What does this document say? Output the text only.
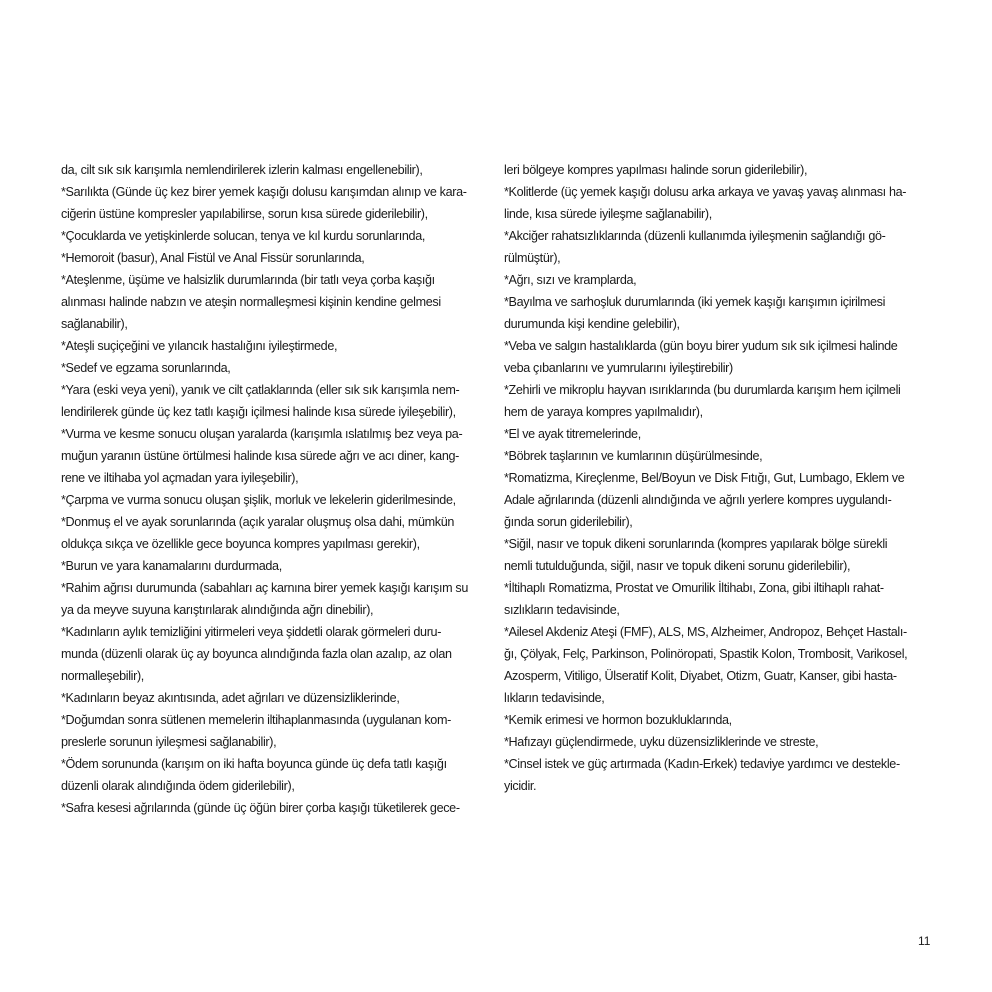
da, cilt sık sık karışımla nemlendirilerek izlerin kalması engellenebilir),
*Sarılıkta (Günde üç kez birer yemek kaşığı dolusu karışımdan alınıp ve kara-
ciğerin üstüne kompresler yapılabilirse, sorun kısa sürede giderilebilir),
*Çocuklarda ve yetişkinlerde solucan, tenya ve kıl kurdu sorunlarında,
*Hemoroit (basur), Anal Fistül ve Anal Fissür sorunlarında,
*Ateşlenme, üşüme ve halsizlik durumlarında (bir tatlı veya çorba kaşığı
alınması halinde nabzın ve ateşin normalleşmesi kişinin kendine gelmesi
sağlanabilir),
*Ateşli suçiçeğini ve yılancık hastalığını iyileştirmede,
*Sedef ve egzama sorunlarında,
*Yara (eski veya yeni), yanık ve cilt çatlaklarında (eller sık sık karışımla nem-
lendirilerek günde üç kez tatlı kaşığı içilmesi halinde kısa sürede iyileşebilir),
*Vurma ve kesme sonucu oluşan yaralarda (karışımla ıslatılmış bez veya pa-
muğun yaranın üstüne örtülmesi halinde kısa sürede ağrı ve acı diner, kang-
rene ve iltihaba yol açmadan yara iyileşebilir),
*Çarpma ve vurma sonucu oluşan şişlik, morluk ve lekelerin giderilmesinde,
*Donmuş el ve ayak sorunlarında (açık yaralar oluşmuş olsa dahi, mümkün
oldukça sıkça ve özellikle gece boyunca kompres yapılması gerekir),
*Burun ve yara kanamalarını durdurmada,
*Rahim ağrısı durumunda (sabahları aç karnına birer yemek kaşığı karışım su
ya da meyve suyuna karıştırılarak alındığında ağrı dinebilir),
*Kadınların aylık temizliğini yitirmeleri veya şiddetli olarak görmeleri duru-
munda (düzenli olarak üç ay boyunca alındığında fazla olan azalıp, az olan
normalleşebilir),
*Kadınların beyaz akıntısında, adet ağrıları ve düzensizliklerinde,
*Doğumdan sonra sütlenen memelerin iltihaplanmasında (uygulanan kom-
preslerle sorunun iyileşmesi sağlanabilir),
*Ödem sorununda (karışım on iki hafta boyunca günde üç defa tatlı kaşığı
düzenli olarak alındığında ödem giderilebilir),
*Safra kesesi ağrılarında (günde üç öğün birer çorba kaşığı tüketilerek gece-
leri bölgeye kompres yapılması halinde sorun giderilebilir),
*Kolitlerde (üç yemek kaşığı dolusu arka arkaya ve yavaş yavaş alınması ha-
linde, kısa sürede iyileşme sağlanabilir),
*Akciğer rahatsızlıklarında (düzenli kullanımda iyileşmenin sağlandığı gö-
rülmüştür),
*Ağrı, sızı ve kramplarda,
*Bayılma ve sarhoşluk durumlarında (iki yemek kaşığı karışımın içirilmesi
durumunda kişi kendine gelebilir),
*Veba ve salgın hastalıklarda (gün boyu birer yudum sık sık içilmesi halinde
veba çıbanlarını ve yumrularını iyileştirebilir)
*Zehirli ve mikroplu hayvan ısırıklarında (bu durumlarda karışım hem içilmeli
hem de yaraya kompres yapılmalıdır),
*El ve ayak titremelerinde,
*Böbrek taşlarının ve kumlarının düşürülmesinde,
*Romatizma, Kireçlenme, Bel/Boyun ve Disk Fıtığı, Gut, Lumbago, Eklem ve
Adale ağrılarında (düzenli alındığında ve ağrılı yerlere kompres uygulandı-
ğında sorun giderilebilir),
*Siğil, nasır ve topuk dikeni sorunlarında (kompres yapılarak bölge sürekli
nemli tutulduğunda, siğil, nasır ve topuk dikeni sorunu giderilebilir),
*İltihaplı Romatizma, Prostat ve Omurilik İltihabı, Zona, gibi iltihaplı rahat-
sızlıkların tedavisinde,
*Ailesel Akdeniz Ateşi (FMF), ALS, MS, Alzheimer, Andropoz, Behçet Hastalı-
ğı, Çölyak, Felç, Parkinson, Polinöropati, Spastik Kolon, Trombosit, Varikosel,
Azosperm, Vitiligo, Ülseratif Kolit, Diyabet, Otizm, Guatr, Kanser, gibi hasta-
lıkların tedavisinde,
*Kemik erimesi ve hormon bozukluklarında,
*Hafızayı güçlendirmede, uyku düzensizliklerinde ve streste,
*Cinsel istek ve güç artırmada (Kadın-Erkek) tedaviye yardımcı ve destekle-
yicidir.
11
